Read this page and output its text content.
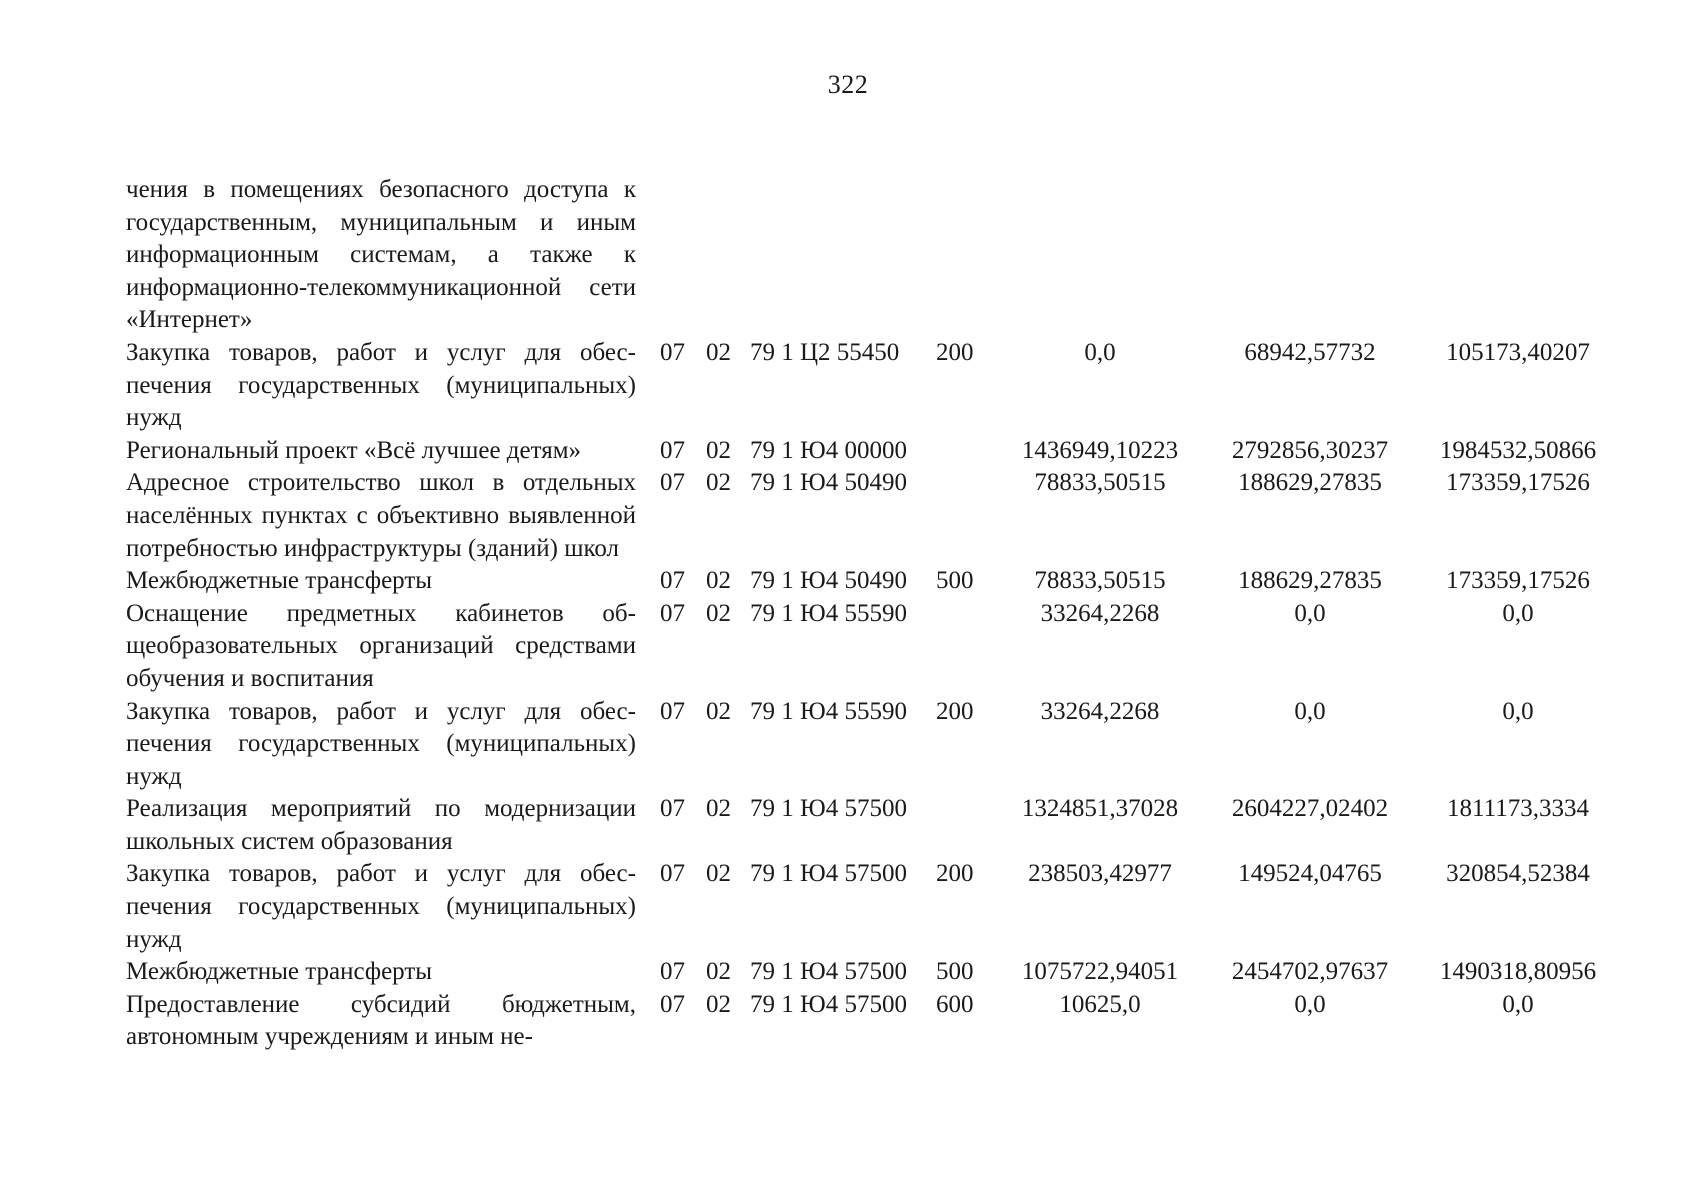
322
чения в помещениях безопасного доступа к государственным, муниципальным и иным информационным системам, а также к информационно-телекоммуникационной сети «Интернет»							
Закупка товаров, работ и услуг для обеспечения государственных (муниципальных) нужд	07	02	79 1 Ц2 55450	200	0,0	68942,57732	105173,40207
Региональный проект «Всё лучшее детям»	07	02	79 1 Ю4 00000		1436949,10223	2792856,30237	1984532,50866
Адресное строительство школ в отдельных населённых пунктах с объективно выявленной потребностью инфраструктуры (зданий) школ	07	02	79 1 Ю4 50490		78833,50515	188629,27835	173359,17526
Межбюджетные трансферты	07	02	79 1 Ю4 50490	500	78833,50515	188629,27835	173359,17526
Оснащение предметных кабинетов общеобразовательных организаций средствами обучения и воспитания	07	02	79 1 Ю4 55590		33264,2268	0,0	0,0
Закупка товаров, работ и услуг для обеспечения государственных (муниципальных) нужд	07	02	79 1 Ю4 55590	200	33264,2268	0,0	0,0
Реализация мероприятий по модернизации школьных систем образования	07	02	79 1 Ю4 57500		1324851,37028	2604227,02402	1811173,3334
Закупка товаров, работ и услуг для обеспечения государственных (муниципальных) нужд	07	02	79 1 Ю4 57500	200	238503,42977	149524,04765	320854,52384
Межбюджетные трансферты	07	02	79 1 Ю4 57500	500	1075722,94051	2454702,97637	1490318,80956
Предоставление субсидий бюджетным, автономным учреждениям и иным не-	07	02	79 1 Ю4 57500	600	10625,0	0,0	0,0
